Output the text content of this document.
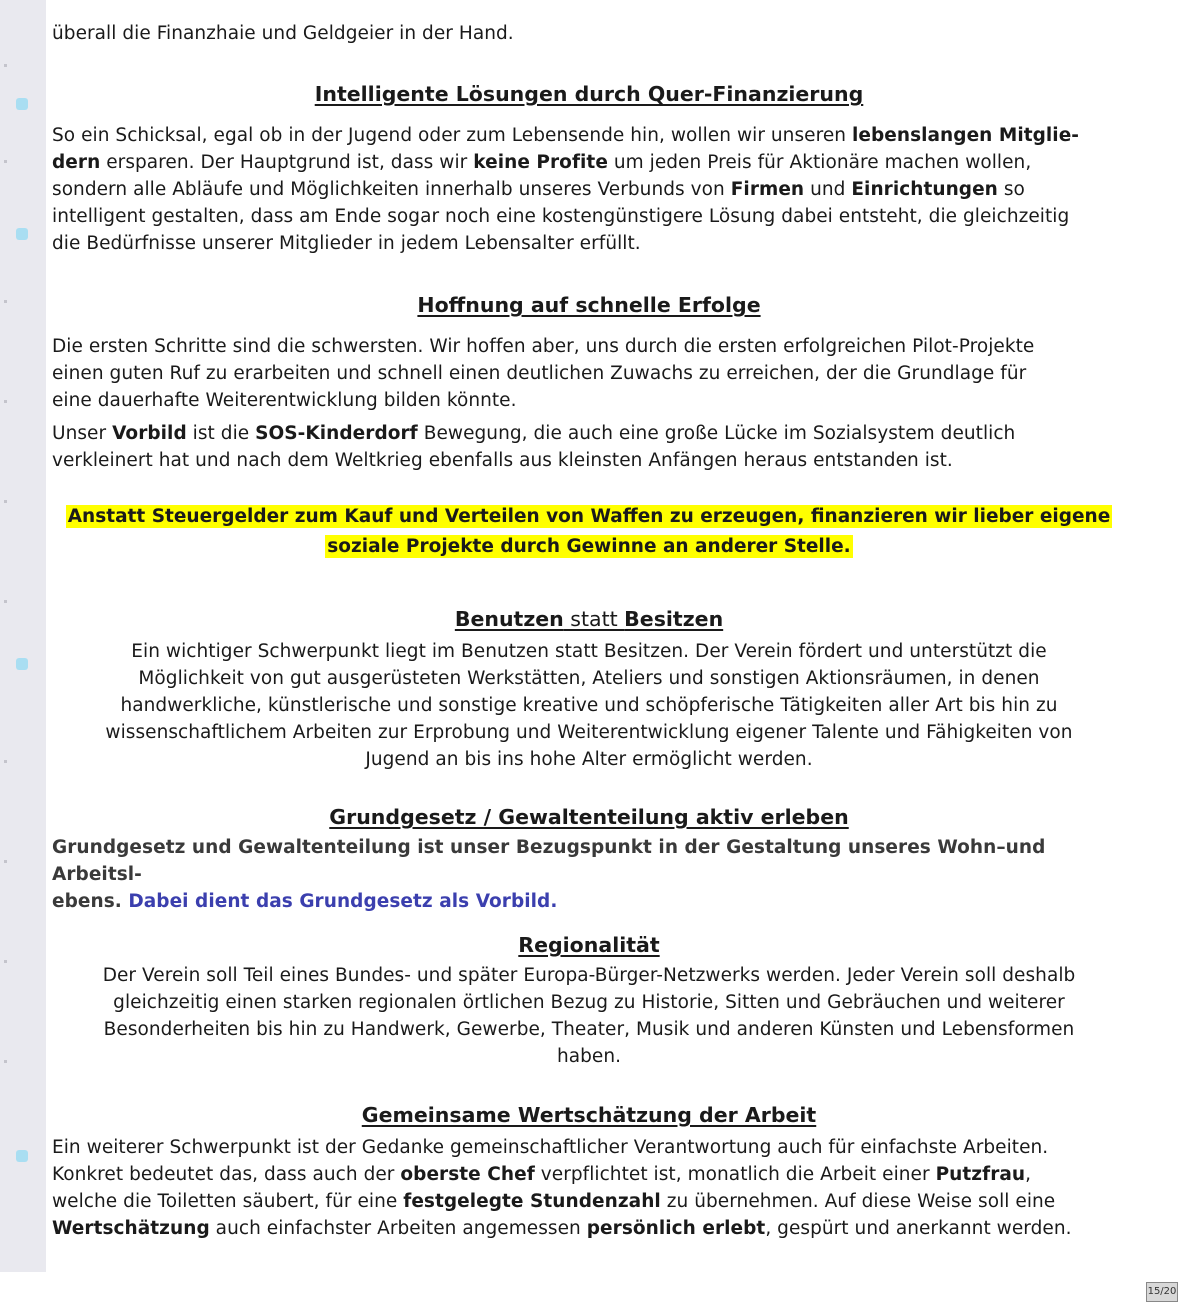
überall die Finanzhaie und Geldgeier in der Hand.

Intelligente Lösungen durch Quer-Finanzierung

So ein Schicksal, egal ob in der Jugend oder zum Lebensende hin, wollen wir unseren lebenslangen Mitglie-
dern ersparen. Der Hauptgrund ist, dass wir keine Profite um jeden Preis für Aktionäre machen wollen,
sondern alle Abläufe und Möglichkeiten innerhalb unseres Verbunds von Firmen und Einrichtungen so
intelligent gestalten, dass am Ende sogar noch eine kostengünstigere Lösung dabei entsteht, die gleichzeitig
die Bedürfnisse unserer Mitglieder in jedem Lebensalter erfüllt.

Hoffnung auf schnelle Erfolge

Die ersten Schritte sind die schwersten. Wir hoffen aber, uns durch die ersten erfolgreichen Pilot-Projekte
einen guten Ruf zu erarbeiten und schnell einen deutlichen Zuwachs zu erreichen, der die Grundlage für
eine dauerhafte Weiterentwicklung bilden könnte.

Unser Vorbild ist die SOS-Kinderdorf Bewegung, die auch eine große Lücke im Sozialsystem deutlich
verkleinert hat und nach dem Weltkrieg ebenfalls aus kleinsten Anfängen heraus entstanden ist.

Anstatt Steuergelder zum Kauf und Verteilen von Waffen zu erzeugen, finanzieren wir lieber eigene
soziale Projekte durch Gewinne an anderer Stelle.
Benutzen statt Besitzen

Ein wichtiger Schwerpunkt liegt im Benutzen statt Besitzen. Der Verein fördert und unterstützt die
Möglichkeit von gut ausgerüsteten Werkstätten, Ateliers und sonstigen Aktionsräumen, in denen
handwerkliche, künstlerische und sonstige kreative und schöpferische Tätigkeiten aller Art bis hin zu
wissenschaftlichem Arbeiten zur Erprobung und Weiterentwicklung eigener Talente und Fähigkeiten von
Jugend an bis ins hohe Alter ermöglicht werden.

Grundgesetz / Gewaltenteilung aktiv erleben

Grundgesetz und Gewaltenteilung ist unser Bezugspunkt in der Gestaltung unseres Wohn–und Arbeitsl-
ebens. Dabei dient das Grundgesetz als Vorbild.

Regionalität

Der Verein soll Teil eines Bundes- und später Europa-Bürger-Netzwerks werden. Jeder Verein soll deshalb
gleichzeitig einen starken regionalen örtlichen Bezug zu Historie, Sitten und Gebräuchen und weiterer
Besonderheiten bis hin zu Handwerk, Gewerbe, Theater, Musik und anderen Künsten und Lebensformen
haben.

Gemeinsame Wertschätzung der Arbeit

Ein weiterer Schwerpunkt ist der Gedanke gemeinschaftlicher Verantwortung auch für einfachste Arbeiten.
Konkret bedeutet das, dass auch der oberste Chef verpflichtet ist, monatlich die Arbeit einer Putzfrau,
welche die Toiletten säubert, für eine festgelegte Stundenzahl zu übernehmen. Auf diese Weise soll eine
Wertschätzung auch einfachster Arbeiten angemessen persönlich erlebt, gespürt und anerkannt werden.

15/20
